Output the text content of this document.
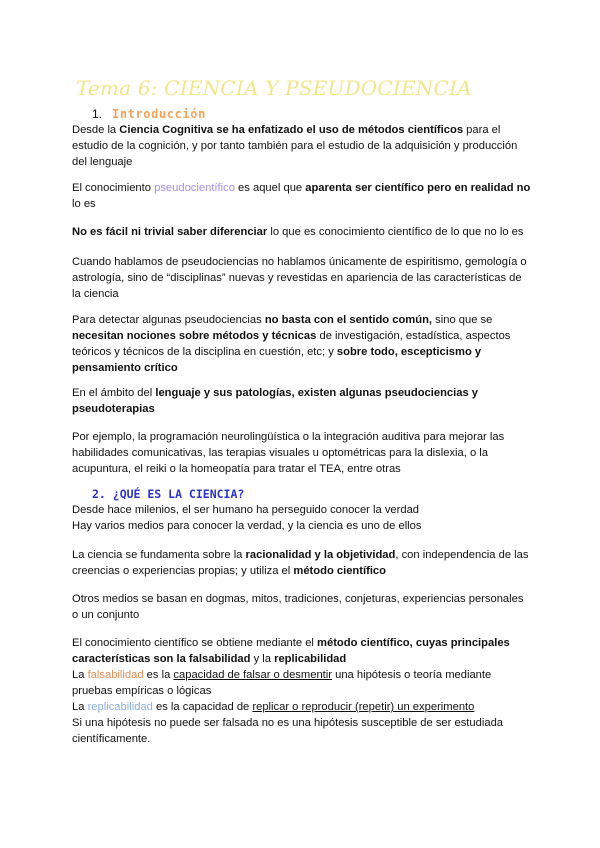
Tema 6: CIENCIA Y PSEUDOCIENCIA
1. Introducción
Desde la Ciencia Cognitiva se ha enfatizado el uso de métodos científicos para el estudio de la cognición, y por tanto también para el estudio de la adquisición y producción del lenguaje
El conocimiento pseudocientífico es aquel que aparenta ser científico pero en realidad no lo es
No es fácil ni trivial saber diferenciar lo que es conocimiento científico de lo que no lo es
Cuando hablamos de pseudociencias no hablamos únicamente de espiritismo, gemología o astrología, sino de “disciplinas” nuevas y revestidas en apariencia de las características de la ciencia
Para detectar algunas pseudociencias no basta con el sentido común, sino que se necesitan nociones sobre métodos y técnicas de investigación, estadística, aspectos teóricos y técnicos de la disciplina en cuestión, etc; y sobre todo, escepticismo y pensamiento crítico
En el ámbito del lenguaje y sus patologías, existen algunas pseudociencias y pseudoterapias
Por ejemplo, la programación neurolingüística o la integración auditiva para mejorar las habilidades comunicativas, las terapias visuales u optométricas para la dislexia, o la acupuntura, el reiki o la homeopatía para tratar el TEA, entre otras
2. ¿QUÉ ES LA CIENCIA?
Desde hace milenios, el ser humano ha perseguido conocer la verdad
Hay varios medios para conocer la verdad, y la ciencia es uno de ellos
La ciencia se fundamenta sobre la racionalidad y la objetividad, con independencia de las creencias o experiencias propias; y utiliza el método científico
Otros medios se basan en dogmas, mitos, tradiciones, conjeturas, experiencias personales o un conjunto
El conocimiento científico se obtiene mediante el método científico, cuyas principales características son la falsabilidad y la replicabilidad
La falsabilidad es la capacidad de falsar o desmentir una hipótesis o teoría mediante pruebas empíricas o lógicas
La replicabilidad es la capacidad de replicar o reproducir (repetir) un experimento
Si una hipótesis no puede ser falsada no es una hipótesis susceptible de ser estudiada científicamente.
